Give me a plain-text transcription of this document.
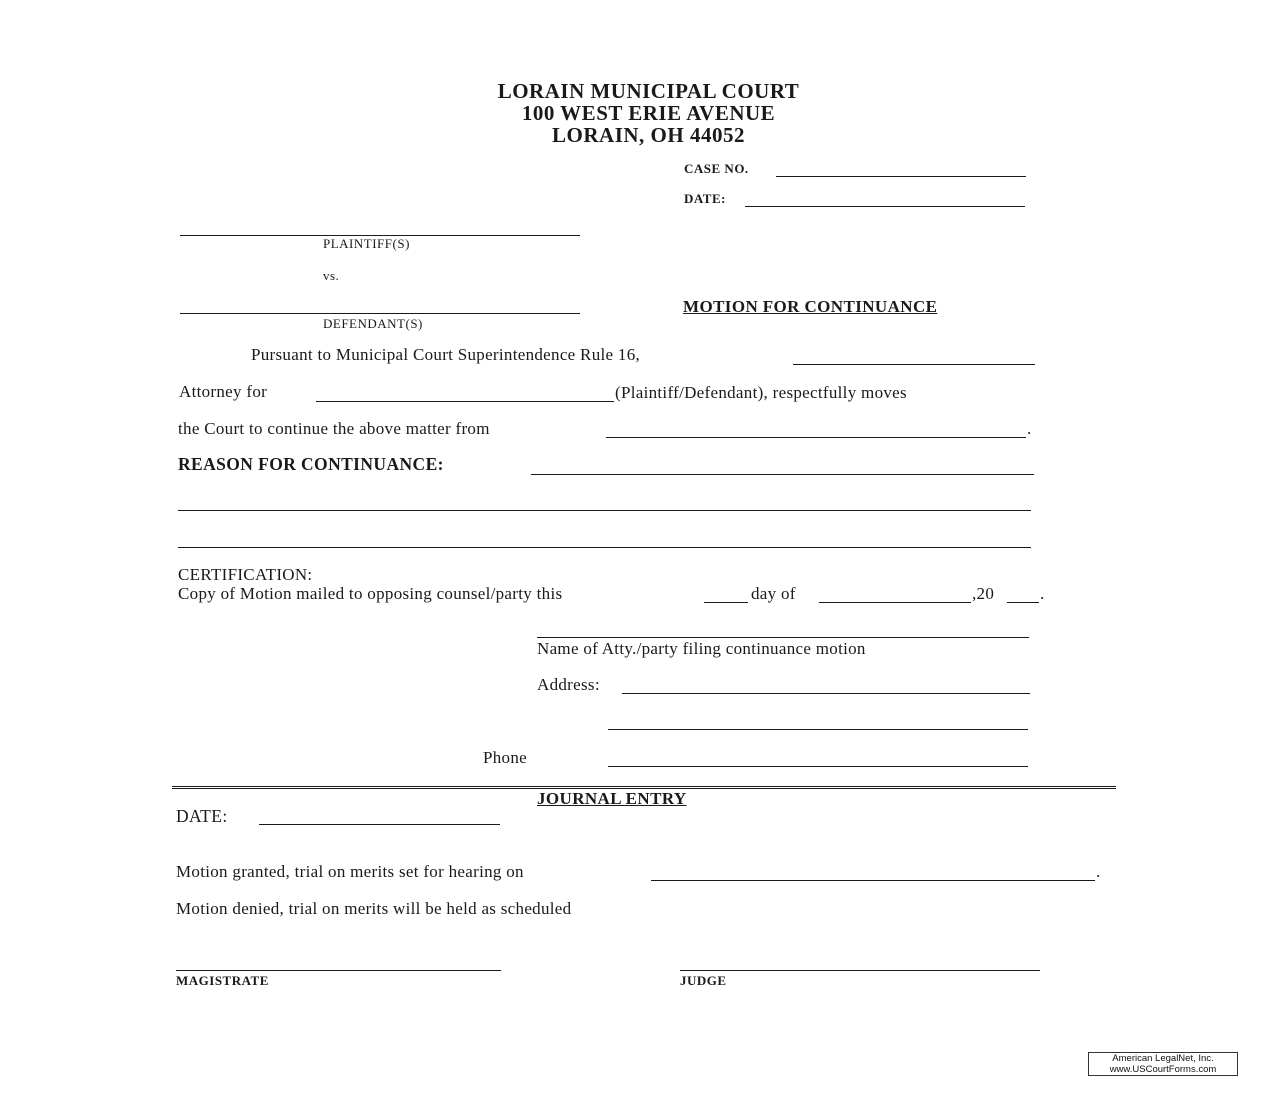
LORAIN MUNICIPAL COURT
100 WEST ERIE AVENUE
LORAIN, OH 44052
CASE NO.
DATE:
PLAINTIFF(S)
vs.
DEFENDANT(S)
MOTION FOR CONTINUANCE
Pursuant to Municipal Court Superintendence Rule 16,
Attorney for	(Plaintiff/Defendant), respectfully moves
the Court to continue the above matter from	.
REASON FOR CONTINUANCE:
CERTIFICATION:
Copy of Motion mailed to opposing counsel/party this	day of	,20	.
Name of Atty./party filing continuance motion
Address:
Phone
JOURNAL ENTRY
DATE:
Motion granted, trial on merits set for hearing on	.
Motion denied, trial on merits will be held as scheduled
MAGISTRATE	JUDGE
American LegalNet, Inc.
www.USCourtForms.com
